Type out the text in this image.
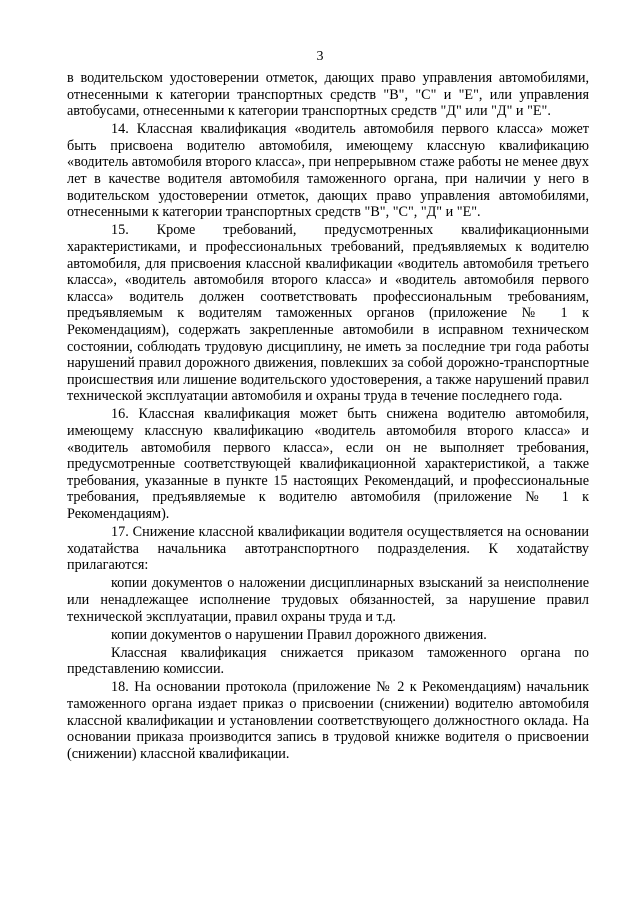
3

в водительском удостоверении отметок, дающих право управления автомобилями, отнесенными к категории транспортных средств "В", "С" и "Е", или управления автобусами, отнесенными к категории транспортных средств "Д" или "Д" и "Е".

14. Классная квалификация «водитель автомобиля первого класса» может быть присвоена водителю автомобиля, имеющему классную квалификацию «водитель автомобиля второго класса», при непрерывном стаже работы не менее двух лет в качестве водителя автомобиля таможенного органа, при наличии у него в водительском удостоверении отметок, дающих право управления автомобилями, отнесенными к категории транспортных средств "В", "С", "Д" и "Е".

15. Кроме требований, предусмотренных квалификационными характеристиками, и профессиональных требований, предъявляемых к водителю автомобиля, для присвоения классной квалификации «водитель автомобиля третьего класса», «водитель автомобиля второго класса» и «водитель автомобиля первого класса» водитель должен соответствовать профессиональным требованиям, предъявляемым к водителям таможенных органов (приложение № 1 к Рекомендациям), содержать закрепленные автомобили в исправном техническом состоянии, соблюдать трудовую дисциплину, не иметь за последние три года работы нарушений правил дорожного движения, повлекших за собой дорожно-транспортные происшествия или лишение водительского удостоверения, а также нарушений правил технической эксплуатации автомобиля и охраны труда в течение последнего года.

16. Классная квалификация может быть снижена водителю автомобиля, имеющему классную квалификацию «водитель автомобиля второго класса» и «водитель автомобиля первого класса», если он не выполняет требования, предусмотренные соответствующей квалификационной характеристикой, а также требования, указанные в пункте 15 настоящих Рекомендаций, и профессиональные требования, предъявляемые к водителю автомобиля (приложение № 1 к Рекомендациям).

17. Снижение классной квалификации водителя осуществляется на основании ходатайства начальника автотранспортного подразделения. К ходатайству прилагаются:

копии документов о наложении дисциплинарных взысканий за неисполнение или ненадлежащее исполнение трудовых обязанностей, за нарушение правил технической эксплуатации, правил охраны труда и т.д.

копии документов о нарушении Правил дорожного движения.

Классная квалификация снижается приказом таможенного органа по представлению комиссии.

18. На основании протокола (приложение № 2 к Рекомендациям) начальник таможенного органа издает приказ о присвоении (снижении) водителю автомобиля классной квалификации и установлении соответствующего должностного оклада. На основании приказа производится запись в трудовой книжке водителя о присвоении (снижении) классной квалификации.
